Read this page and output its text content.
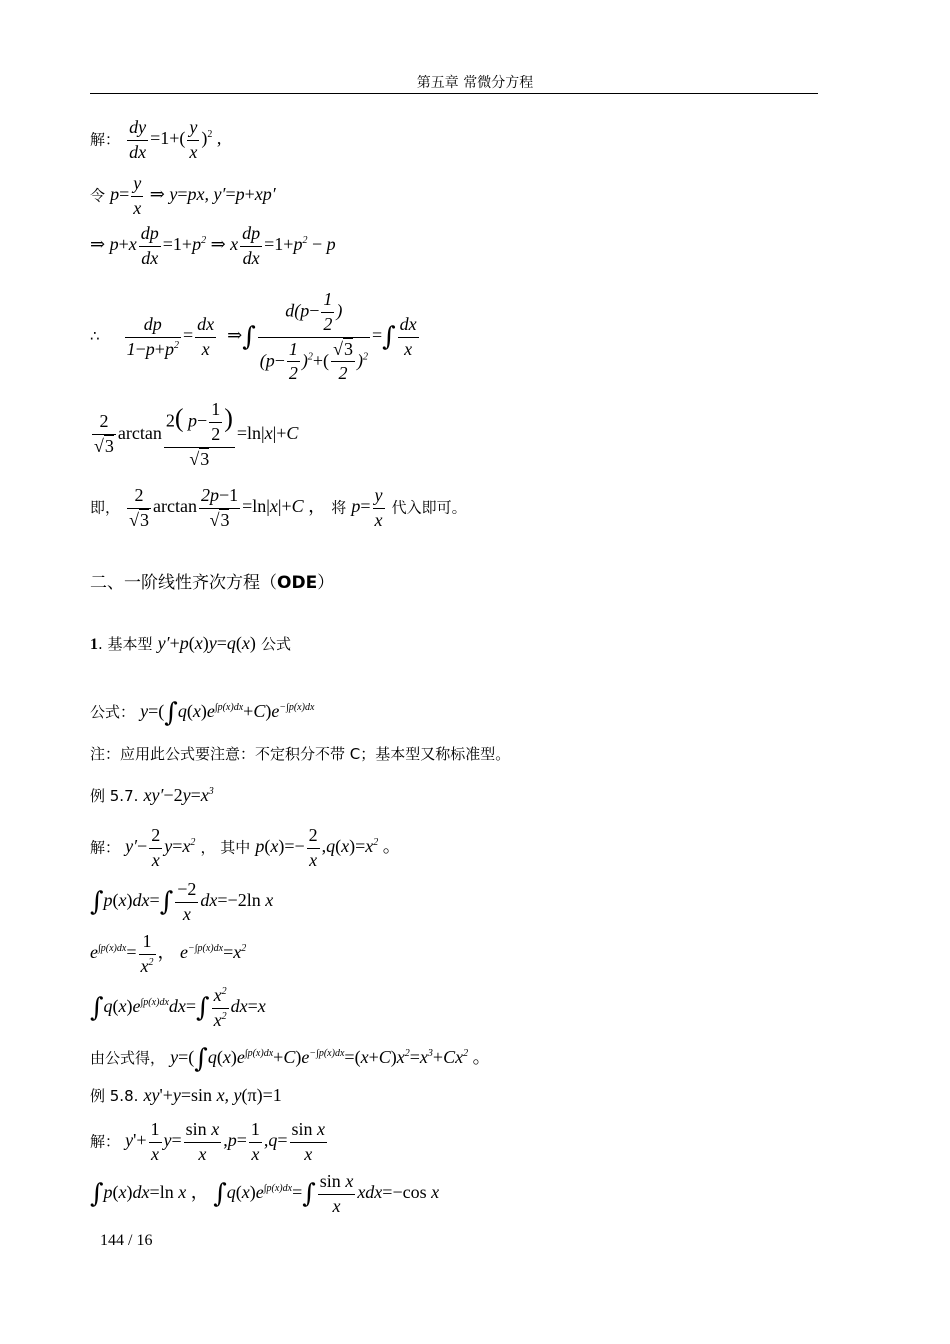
第五章 常微分方程
解： $\frac{dy}{dx} =1+( \frac{y}{x} )^2$ ,
令 $p= \frac{y}{x}$ ⇒ y=px, y′=p+xp′
⇒ $p+x \frac{dp}{dx} =1+p^2$ ⇒ x $\frac{dp}{dx} =1+p^2 - p$
∴ $\frac{dp}{1-p+p^2} = \frac{dx}{x}$ ⇒∫ $\frac{d(p- \frac{1}{2} )}{(p- \frac{1}{2} )^2+( \frac{√3}{2} )^2}$ =∫ $\frac{dx}{x}$
$\frac{2}{√3}$ $\arctan \frac{2( p- \frac{1}{2} )}{√3} =\ln|x|+C$
即， $\frac{2}{√3}$ $\arctan \frac{2p-1}{√3} =\ln|x|+C$ ， 将 $p= \frac{y}{x}$ 代入即可。
二、一阶线性齐次方程（ODE）
1. 基本型 y′+p(x)y=q(x) 公式
公式： $y=(\int q(x)e^{\int p(x)dx}+C)e^{-\int p(x)dx}$
注：应用此公式要注意：不定积分不带 C；基本型又称标准型。
例 5.7. $xy'-2y=x^3$
解： $y'- \frac{2}{x} y=x^2$ ， 其中 $p(x)=- \frac{2}{x} ,q(x)=x^2$ 。
$\int p(x)dx=\int \frac{-2}{x} dx=-2\ln$ x
$e^{\int p(x)dx}= \frac{1}{x^2}$ ， $e^{-\int p(x)dx}=x^2$
$\int q(x)e^{\int p(x)dx}dx=\int \frac{x^2}{x^2} dx=x$
由公式得， $y=(\int q(x)e^{\int p(x)dx}+C)e^{-\int p(x)dx}=(x+C)x^2=x^3+Cx^2$ 。
例 5.8. xy'+y=sin x, y(π)=1
解： $y'+ \frac{1}{x} y= \frac{\text{sin x}}{x} ,p= \frac{1}{x} ,q= \frac{\text{sin x}}{x}$
∫p(x)dx=ln x ， $\int q(x)e^{\int p(x)dx}=\int \frac{\text{sin x}}{x} xdx=-\cos$ x
144 / 16
